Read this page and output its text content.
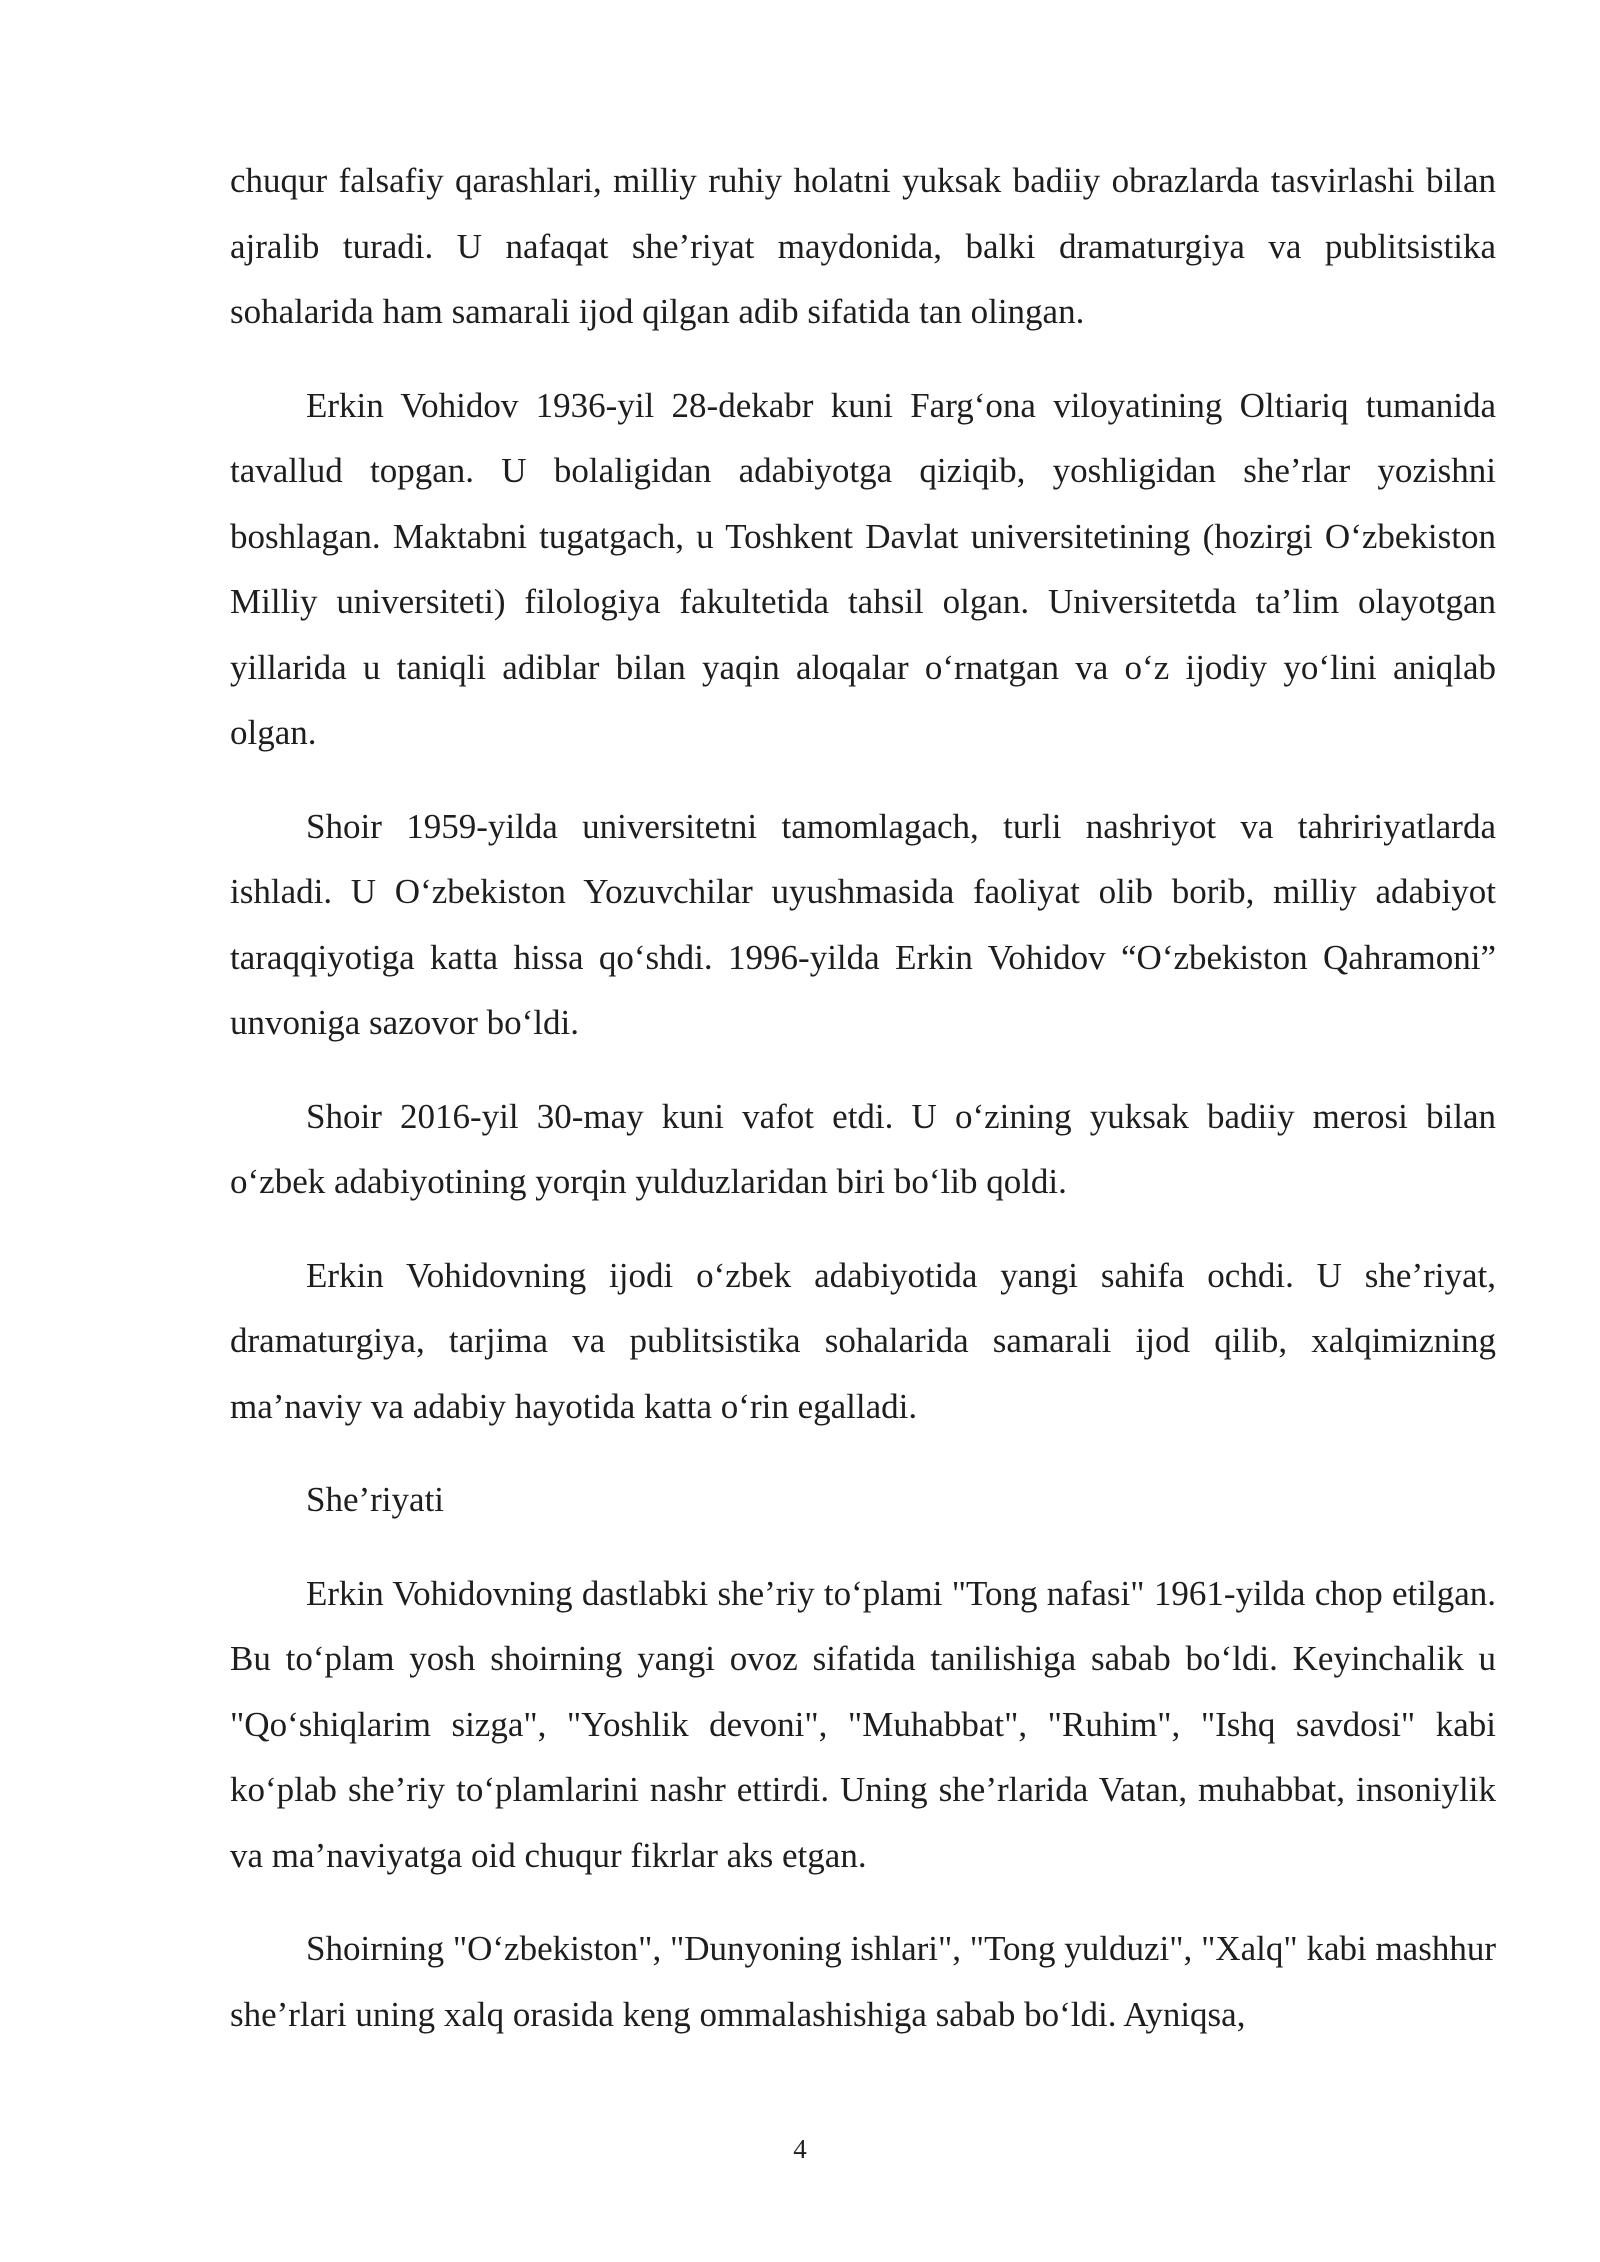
chuqur falsafiy qarashlari, milliy ruhiy holatni yuksak badiiy obrazlarda tasvirlashi bilan ajralib turadi. U nafaqat she’riyat maydonida, balki dramaturgiya va publitsistika sohalarida ham samarali ijod qilgan adib sifatida tan olingan.

Erkin Vohidov 1936-yil 28-dekabr kuni Farg‘ona viloyatining Oltiariq tumanida tavallud topgan. U bolaligidan adabiyotga qiziqib, yoshligidan she’rlar yozishni boshlagan. Maktabni tugatgach, u Toshkent Davlat universitetining (hozirgi O‘zbekiston Milliy universiteti) filologiya fakultetida tahsil olgan. Universitetda ta’lim olayotgan yillarida u taniqli adiblar bilan yaqin aloqalar o‘rnatgan va o‘z ijodiy yo‘lini aniqlab olgan.

Shoir 1959-yilda universitetni tamomlagach, turli nashriyot va tahririyatlarda ishladi. U O‘zbekiston Yozuvchilar uyushmasida faoliyat olib borib, milliy adabiyot taraqqiyotiga katta hissa qo‘shdi. 1996-yilda Erkin Vohidov “O‘zbekiston Qahramoni” unvoniga sazovor bo‘ldi.

Shoir 2016-yil 30-may kuni vafot etdi. U o‘zining yuksak badiiy merosi bilan o‘zbek adabiyotining yorqin yulduzlaridan biri bo‘lib qoldi.

Erkin Vohidovning ijodi o‘zbek adabiyotida yangi sahifa ochdi. U she’riyat, dramaturgiya, tarjima va publitsistika sohalarida samarali ijod qilib, xalqimizning ma’naviy va adabiy hayotida katta o‘rin egalladi.

She’riyati

Erkin Vohidovning dastlabki she’riy to‘plami "Tong nafasi" 1961-yilda chop etilgan. Bu to‘plam yosh shoirning yangi ovoz sifatida tanilishiga sabab bo‘ldi. Keyinchalik u "Qo‘shiqlarim sizga", "Yoshlik devoni", "Muhabbat", "Ruhim", "Ishq savdosi" kabi ko‘plab she’riy to‘plamlarini nashr ettirdi. Uning she’rlarida Vatan, muhabbat, insoniylik va ma’naviyatga oid chuqur fikrlar aks etgan.

Shoirning "O‘zbekiston", "Dunyoning ishlari", "Tong yulduzi", "Xalq" kabi mashhur she’rlari uning xalq orasida keng ommalashishiga sabab bo‘ldi. Ayniqsa,

4
